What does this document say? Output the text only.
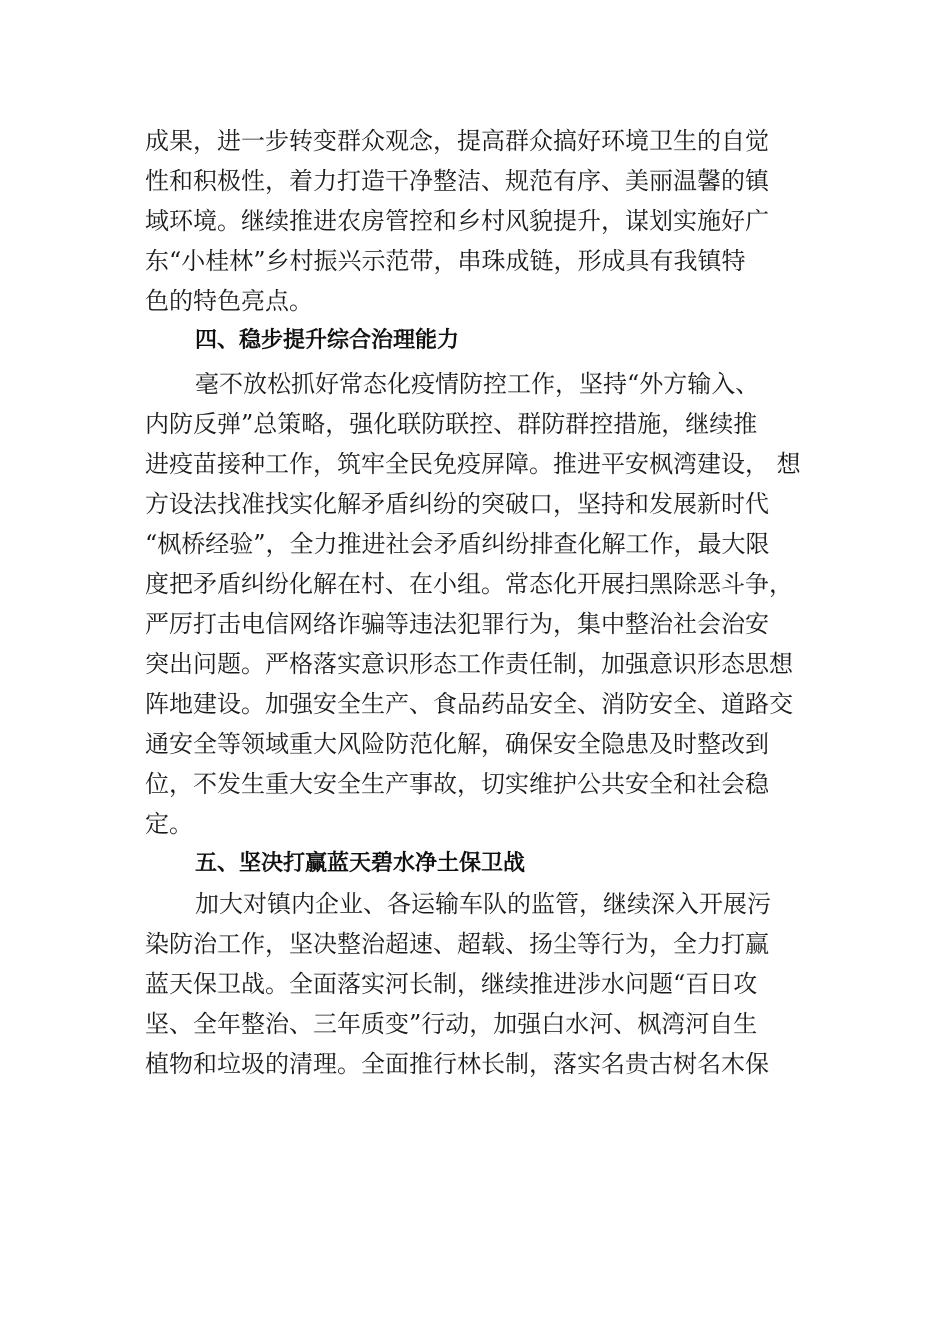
成果，进一步转变群众观念，提高群众搞好环境卫生的自觉

性和积极性，着力打造干净整洁、规范有序、美丽温馨的镇

域环境。继续推进农房管控和乡村风貌提升，谋划实施好广

东“小桂林”乡村振兴示范带，串珠成链，形成具有我镇特

色的特色亮点。

四、稳步提升综合治理能力

毫不放松抓好常态化疫情防控工作，坚持“外方输入、

内防反弹”总策略，强化联防联控、群防群控措施，继续推

进疫苗接种工作，筑牢全民免疫屏障。推进平安枫湾建设， 想

方设法找准找实化解矛盾纠纷的突破口，坚持和发展新时代

“枫桥经验”，全力推进社会矛盾纠纷排查化解工作，最大限

度把矛盾纠纷化解在村、在小组。常态化开展扫黑除恶斗争，

严厉打击电信网络诈骗等违法犯罪行为，集中整治社会治安

突出问题。严格落实意识形态工作责任制，加强意识形态思想

阵地建设。加强安全生产、食品药品安全、消防安全、道路交

通安全等领域重大风险防范化解，确保安全隐患及时整改到

位，不发生重大安全生产事故，切实维护公共安全和社会稳

定。

五、坚决打赢蓝天碧水净土保卫战

加大对镇内企业、各运输车队的监管，继续深入开展污

染防治工作，坚决整治超速、超载、扬尘等行为，全力打赢

蓝天保卫战。全面落实河长制，继续推进涉水问题“百日攻

坚、全年整治、三年质变”行动，加强白水河、枫湾河自生

植物和垃圾的清理。全面推行林长制，落实名贵古树名木保
